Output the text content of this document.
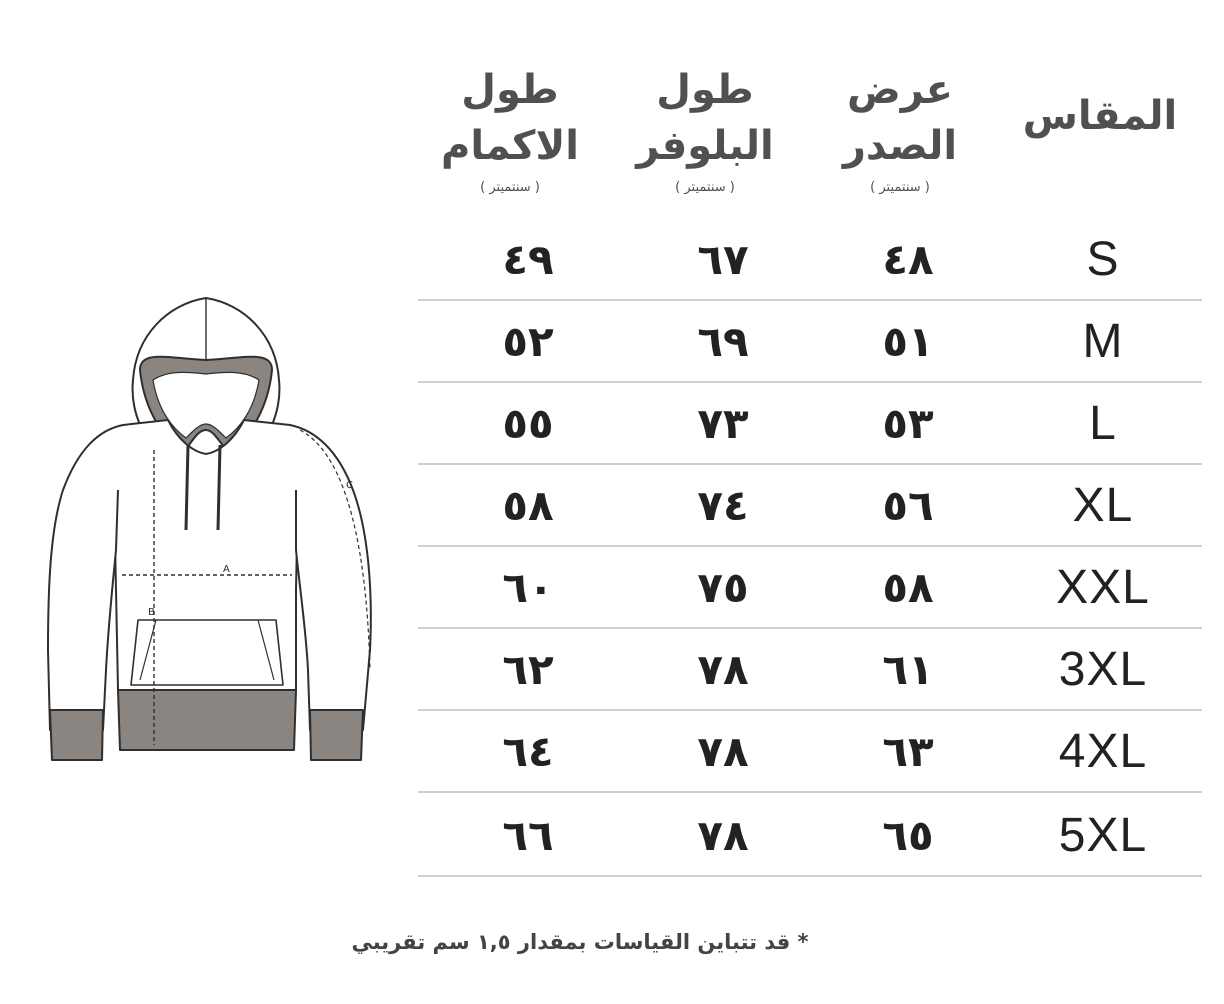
A
B
C
المقاس
عرض الصدر
( سنتميتر )
طول البلوفر
( سنتميتر )
طول الاكمام
( سنتميتر )
S
٤٨
٦٧
٤٩
M
٥١
٦٩
٥٢
L
٥٣
٧٣
٥٥
XL
٥٦
٧٤
٥٨
XXL
٥٨
٧٥
٦٠
3XL
٦١
٧٨
٦٢
4XL
٦٣
٧٨
٦٤
5XL
٦٥
٧٨
٦٦
* قد تتباين القياسات بمقدار ١,٥ سم تقريبي
